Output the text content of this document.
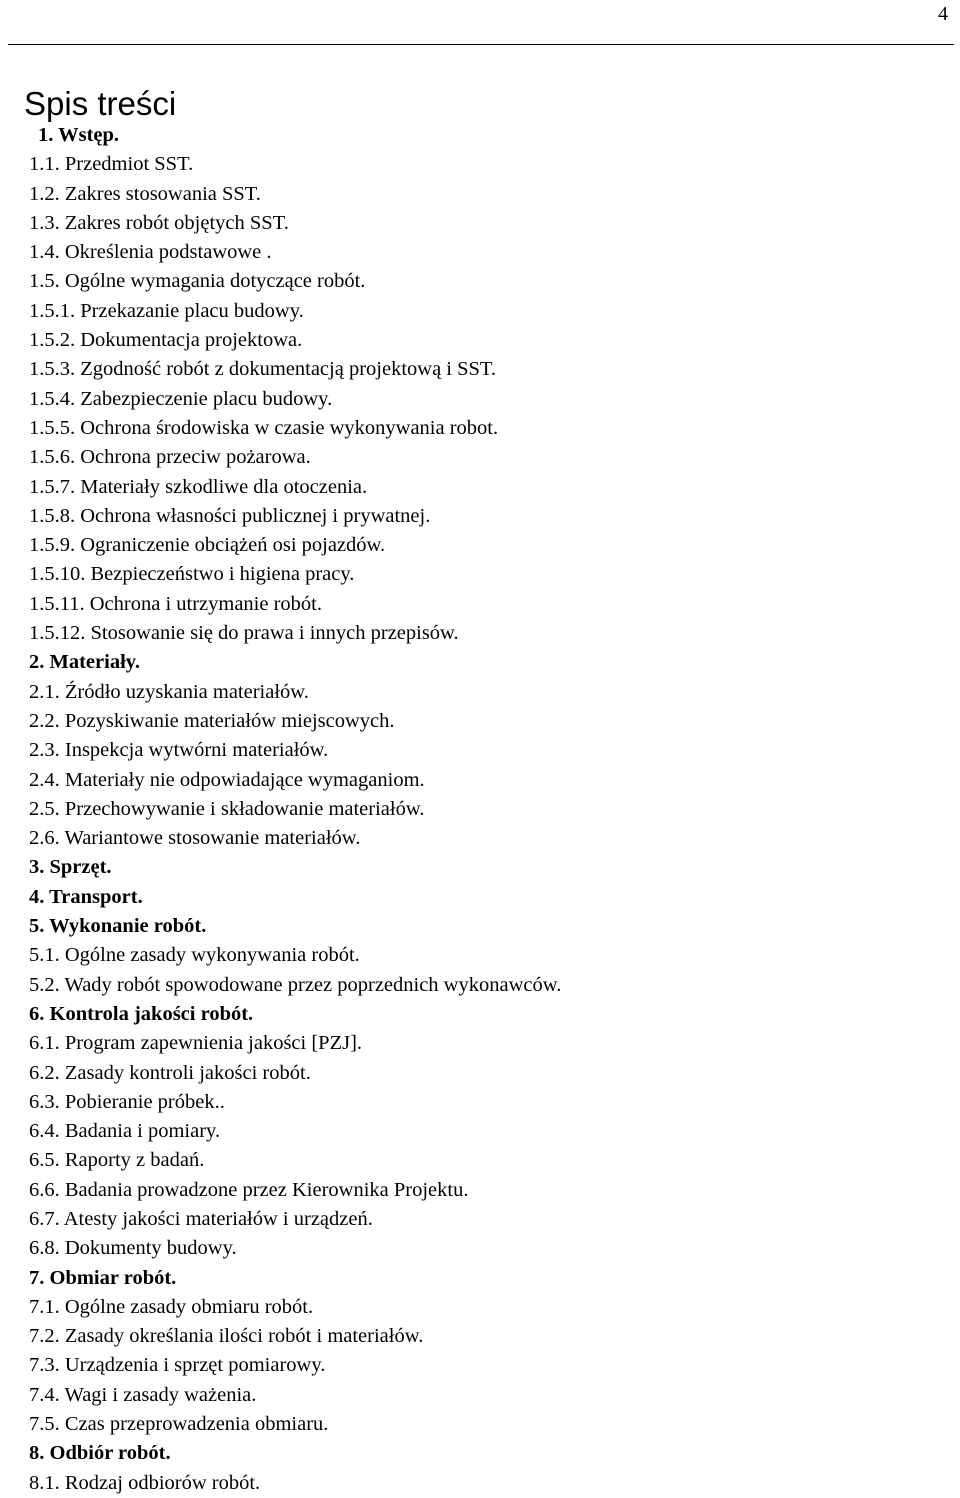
4
Spis treści
1. Wstęp.
1.1. Przedmiot SST.
1.2. Zakres stosowania SST.
1.3. Zakres robót objętych SST.
1.4. Określenia podstawowe .
1.5. Ogólne wymagania dotyczące robót.
1.5.1. Przekazanie placu budowy.
1.5.2. Dokumentacja projektowa.
1.5.3. Zgodność robót z dokumentacją projektową i SST.
1.5.4. Zabezpieczenie placu budowy.
1.5.5. Ochrona środowiska w czasie wykonywania robot.
1.5.6. Ochrona przeciw pożarowa.
1.5.7. Materiały szkodliwe dla otoczenia.
1.5.8. Ochrona własności publicznej i prywatnej.
1.5.9. Ograniczenie obciążeń osi pojazdów.
1.5.10. Bezpieczeństwo i higiena pracy.
1.5.11. Ochrona i utrzymanie robót.
1.5.12. Stosowanie się do prawa i innych przepisów.
2. Materiały.
2.1. Źródło uzyskania materiałów.
2.2. Pozyskiwanie materiałów miejscowych.
2.3. Inspekcja wytwórni materiałów.
2.4. Materiały nie odpowiadające wymaganiom.
2.5. Przechowywanie i składowanie materiałów.
2.6. Wariantowe stosowanie materiałów.
3. Sprzęt.
4. Transport.
5. Wykonanie robót.
5.1. Ogólne zasady wykonywania robót.
5.2. Wady robót spowodowane przez poprzednich wykonawców.
6. Kontrola jakości robót.
6.1. Program zapewnienia jakości [PZJ].
6.2. Zasady kontroli jakości robót.
6.3. Pobieranie próbek..
6.4. Badania i pomiary.
6.5. Raporty z badań.
6.6. Badania prowadzone przez Kierownika Projektu.
6.7. Atesty jakości materiałów i urządzeń.
6.8. Dokumenty budowy.
7. Obmiar robót.
7.1. Ogólne zasady obmiaru robót.
7.2. Zasady określania ilości robót i materiałów.
7.3. Urządzenia i sprzęt pomiarowy.
7.4. Wagi i zasady ważenia.
7.5. Czas przeprowadzenia obmiaru.
8. Odbiór robót.
8.1. Rodzaj odbiorów robót.
